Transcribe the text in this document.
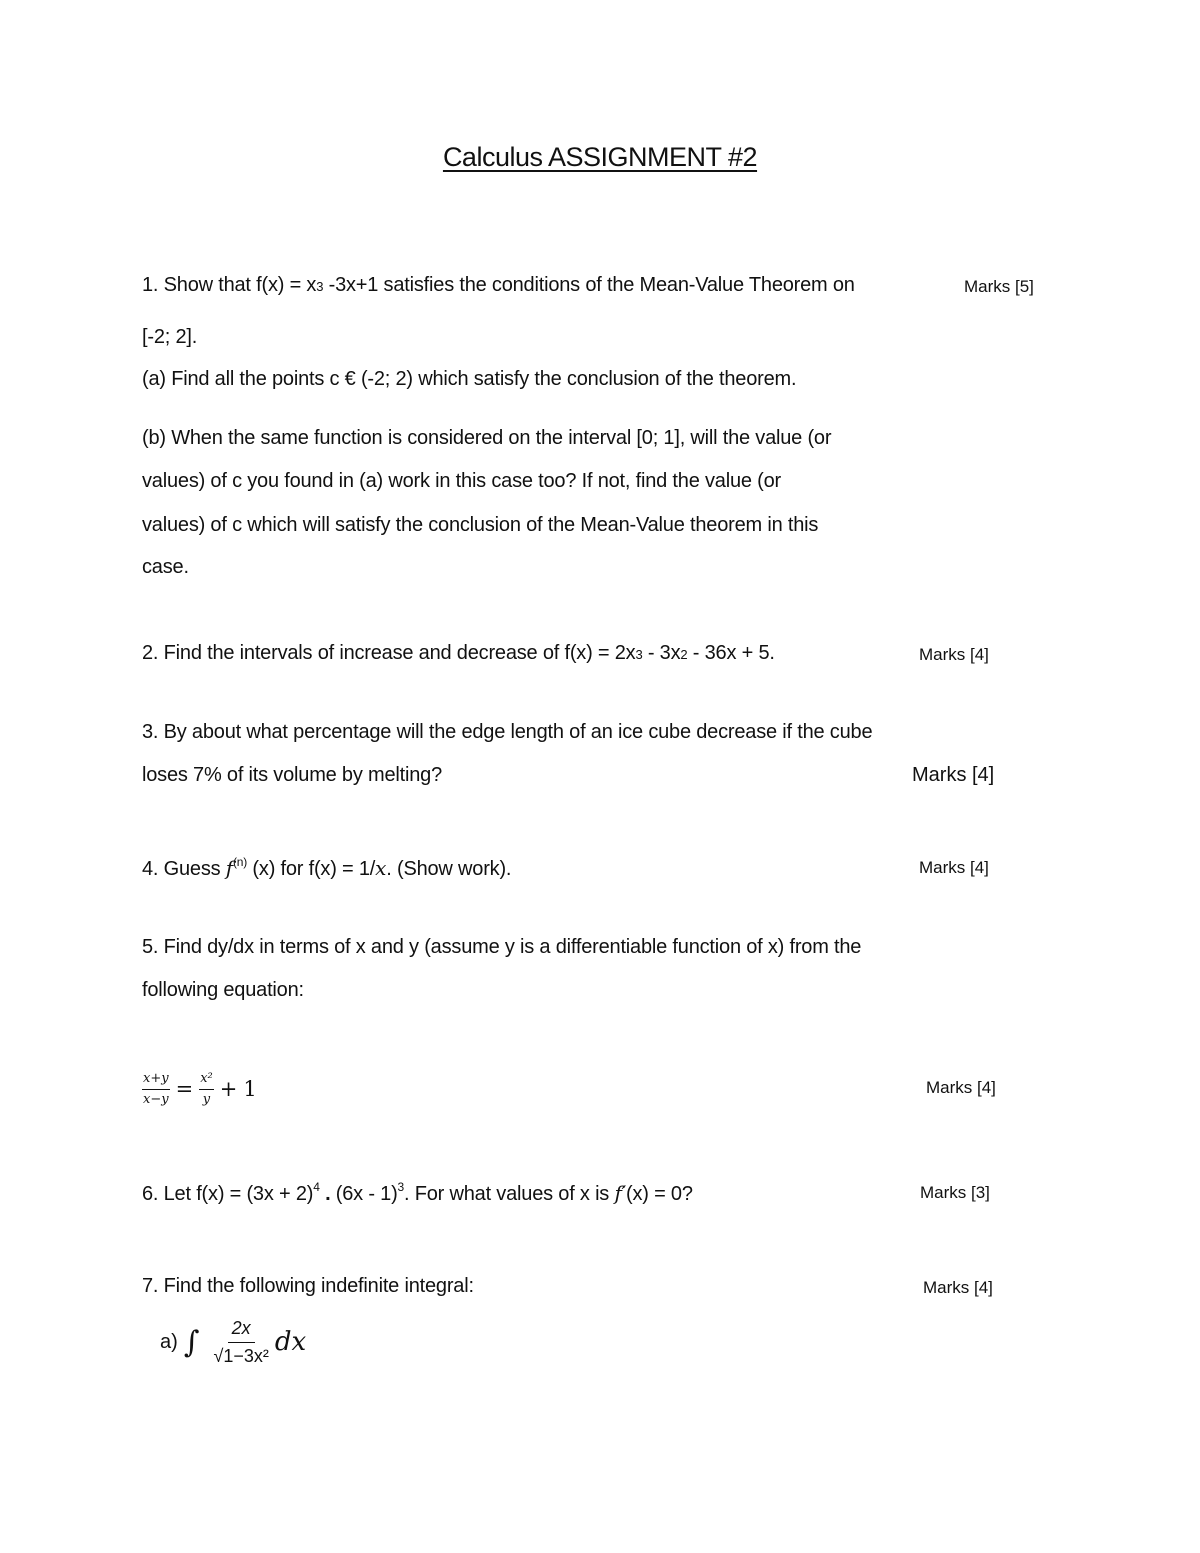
Calculus ASSIGNMENT #2
1. Show that f(x) = x3 -3x+1 satisfies the conditions of the Mean-Value Theorem on	Marks [5]
[-2; 2].
(a) Find all the points c € (-2; 2) which satisfy the conclusion of the theorem.
(b) When the same function is considered on the interval [0; 1], will the value (or
values) of c you found in (a) work in this case too? If not, find the value (or
values) of c which will satisfy the conclusion of the Mean-Value theorem in this
case.
2. Find the intervals of increase and decrease of f(x) = 2x3 - 3x2 - 36x + 5.	Marks [4]
3. By about what percentage will the edge length of an ice cube decrease if the cube
loses 7% of its volume by melting?	Marks [4]
4. Guess $f^{(n)}$ (x) for f(x) = 1/x. (Show work).	Marks [4]
5. Find dy/dx in terms of x and y (assume y is a differentiable function of x) from the
following equation:
$\frac{x+y}{x-y} = \frac{\text{x²}}{y} + 1$	Marks [4]
6. Let $f(x) = (3x + 2)^4$ . (6x - 1)$^3$. For what values of x is f′(x) = 0?	Marks [3]
7. Find the following indefinite integral:	Marks [4]
a) ∫ $\frac{2x}{\text{√1−3x²}}$ dx
